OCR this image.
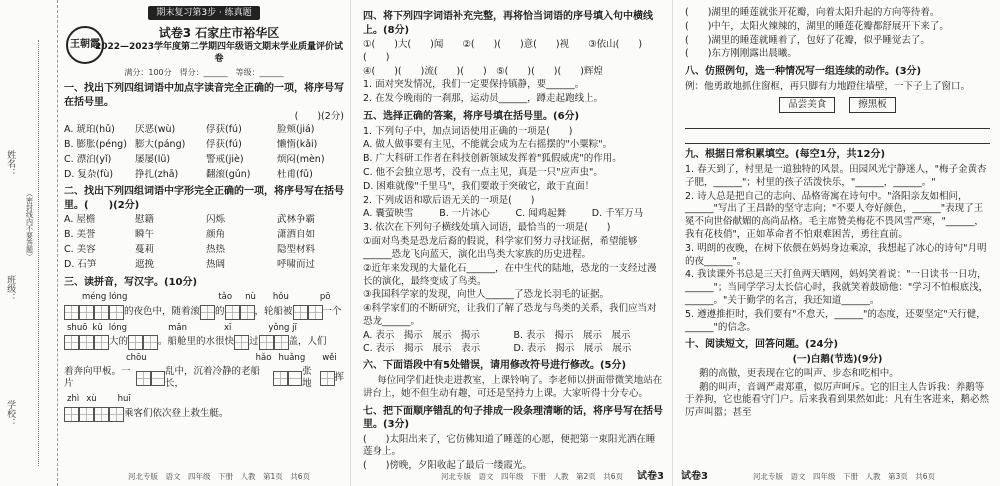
姓名：
班级：
学校：
（密封线内不要答题）
期末复习第3步 · 练真题
王朝霞
试卷3 石家庄市裕华区
2022—2023学年度第二学期四年级语文期末学业质量评价试卷
满分：100分　得分：______　等级：______
一、找出下列四组词语中加点字读音完全正确的一项，将序号写在括号里。
(　　)(2分)
A. 琥珀(hǔ)	厌恶(wù)	俘获(fú)	脸颊(jiá)
B. 膨胀(péng) 膨大(páng)	俘获(fú)	懒惰(kǎi)
C. 漂泊(yǐ)	屡屡(lǚ)	警戒(jiè)	烦闷(mèn)
D. 复杂(fù)	挣扎(zhā)	翻滚(gǔn)	杜甫(fǔ)
二、找出下列四组词语中字形完全正确的一项，将序号写在括号里。(　　)(2分)
A. 屋檐	慰籍	闪烁	武林争霸
B. 美誉	瞬午	颜角	潇洒自如
C. 美容	蔓莉	热热	隐型材料
D. 石笋	遮挽	热阔	呼啸而过
三、读拼音，写汉字。(10分)
méng lóng	tǎo nù hǒu	pō
的夜色中，随着滚 的	，轮船被	一个
shuō kǔ lóng	mǎn	xī	yǒng jī
大的	。船舱里的水很快 过	盖，人们
chōu	hǎo huǎng wěi
着奔向甲板。一片
乱中，沉着冷静的老船长，
张地
挥
zhì xù huī
乘客们依次登上救生艇。
河北专版　语文　四年级　下册　人教　第1页　共6页
四、将下列四字词语补充完整，再将恰当词语的序号填入句中横线上。(8分)
①(　　)大(　　)闻　　②(　　)(　　)意(　　)视　　③依山(　　)(　　)
④(　　)(　　)流(　　)(　　)　⑤(　　)(　　)(　　)辉煌
1. 面对突发情况，我们一定要保持镇静，要______。
2. 在发今晚雨的一刹那，运动员______，蹲走起跑线上。
五、选择正确的答案，将序号填在括号里。(6分)
1. 下列句子中，加点词语使用正确的一项是(　　)
A. 做人做事要有主见，不能就会成为左右摇摆的"小粟粽"。
B. 广大科研工作者在科技创新领域发挥着"狐假威虎"的作用。
C. 他不会独立思考，没有一点主见，真是一只"应声虫"。
D. 困难就像"千里马"，我们要敢于突破它，敢于直面！
2. 下列成语和歇后语无关的一项是(　　)
A. 囊萤映雪	B. 一片冰心	C. 闻鸡起舞	D. 千军万马
3. 依次在下列句子横线处填入词语，最恰当的一项是(　　)
①面对鸟类是恐龙后裔的假说，科学家们努力寻找证据，希望能够______恐龙飞向蓝天，演化出鸟类大家族的历史进程。
②近年来发现的大量化石______，在中生代的陆地，恐龙的一支经过漫长的演化，最终变成了鸟类。
③我国科学家的发现，向世人______了恐龙长羽毛的证据。
④科学家们的不断研究，让我们了解了恐龙与鸟类的关系，我们应当对恐龙______。
A. 表示　揭示　展示　揭示	B. 表示　揭示　展示　展示
C. 表示　揭示　展示　表示	D. 表示　揭示　展示　展示
六、下面语段中有5处错误，请用修改符号进行修改。(5分)
每位同学们赶快走进教室，上课铃响了。李老师以拼面带微笑地站在讲台上，她不但生动有趣，可还是坚持力上课。大家听得十分专心。
七、把下面顺序错乱的句子排成一段条理清晰的话，将序号写在括号里。(3分)
(　　)太阳出来了，它仿佛知道了睡莲的心愿，便把第一束阳光洒在睡莲身上。
(　　)傍晚，夕阳收起了最后一缕霞光。
河北专版　语文　四年级　下册　人教　第2页　共6页 试卷3
(　　)湖里的睡莲就张开花瓣，向着太阳升起的方向等待着。
(　　)中午，太阳火辣辣的，湖里的睡莲花瓣都舒展开下来了。
(　　)湖里的睡莲就睡着了，包好了花瓣，似乎睡觉去了。
(　　)东方刚刚露出晨曦。
八、仿照例句，选一种情况写一组连续的动作。(3分)
例：他勇敢地抓住窗框，再只脚有力地蹬住墙壁，一下子上了窗口。
品尝美食	擦黑板
九、根据日常积累填空。(每空1分，共12分)
1. 春天到了，村里是一道独特的风景。田园风光宁静迷人，"梅子金黄杏子肥，______"；村里的孩子活泼快乐，"______，______。"
2. 诗人总是把自己的志向、品格寄寓在诗句中。"洛阳亲友如相问，______"写出了王昌龄的坚守志向；"不要人夸好颜色，______"表现了王冕不向世俗献媚的高尚品格。毛主席赞美梅花不畏风雪严寒，"______，我有花枝俏"，正如革命者不怕艰难困苦，勇往直前。
3. 明朗的夜晚，在树下依偎在妈妈身边乘凉，我想起了冰心的诗句"月明的夜______"。
4. 我读课外书总是三天打鱼两天晒网，妈妈笑着说："一日读书一日功，______"；当同学学习太长信心时，我就笑着鼓励他："学习不怕根底浅，______。"关于勤学的名言，我还知道______。
5. 遵遵推拒时，我们要有"不怠天，______"的态度，还要坚定"天行健，______"的信念。
十、阅读短文，回答问题。(24分)
(一)白鹅(节选)(9分)
鹅的高傲，更表现在它的叫声、步态和吃相中。
鹅的叫声，音调严肃郑重，似厉声呵斥。它的旧主人告诉我：养鹅等于养狗，它也能看守门户。后来我看到果然如此：凡有生客进来，鹅必然厉声叫嚣；甚至
试卷3	河北专版　语文　四年级　下册　人教　第3页　共6页
